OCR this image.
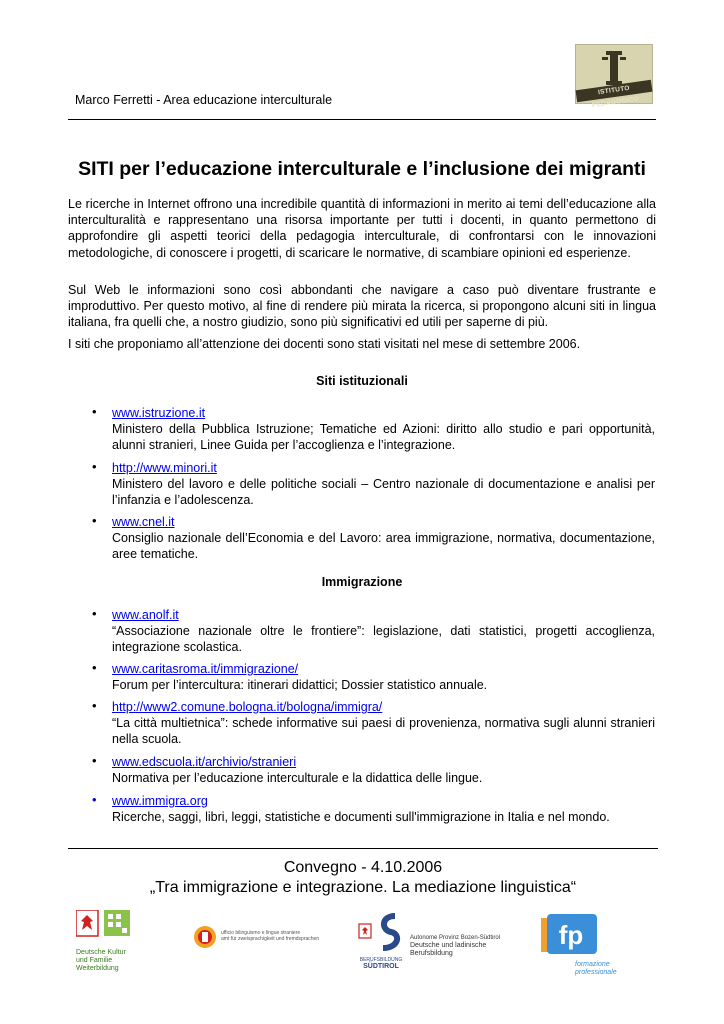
Marco Ferretti - Area educazione interculturale
ISTITUTO PEDAGOGICO
SITI per l’educazione interculturale e l’inclusione dei migranti
Le ricerche in Internet offrono una incredibile quantità di informazioni in merito ai temi dell’educazione alla interculturalità e rappresentano una risorsa importante per tutti i docenti, in quanto permettono di approfondire gli aspetti teorici della pedagogia interculturale, di confrontarsi con le innovazioni metodologiche, di conoscere i progetti, di scaricare le normative, di scambiare opinioni ed esperienze.
Sul Web le informazioni sono così abbondanti che navigare a caso può diventare frustrante e improduttivo. Per questo motivo, al fine di rendere più mirata la ricerca, si propongono alcuni siti in lingua italiana, fra quelli che, a nostro giudizio, sono più significativi ed utili per saperne di più.
I siti che proponiamo all’attenzione dei docenti sono stati visitati nel mese di settembre 2006.
Siti istituzionali
• www.istruzione.it
Ministero della Pubblica Istruzione; Tematiche ed Azioni: diritto allo studio e pari opportunità, alunni stranieri, Linee Guida per l’accoglienza e l’integrazione.
• http://www.minori.it
Ministero del lavoro e delle politiche sociali – Centro nazionale di documentazione e analisi per l’infanzia e l’adolescenza.
• www.cnel.it
Consiglio nazionale dell’Economia e del Lavoro: area immigrazione, normativa, documentazione, aree tematiche.
Immigrazione
• www.anolf.it
“Associazione nazionale oltre le frontiere”: legislazione, dati statistici, progetti accoglienza, integrazione scolastica.
• www.caritasroma.it/immigrazione/
Forum per l’intercultura: itinerari didattici; Dossier statistico annuale.
• http://www2.comune.bologna.it/bologna/immigra/
“La città multietnica”: schede informative sui paesi di provenienza, normativa sugli alunni stranieri nella scuola.
• www.edscuola.it/archivio/stranieri
Normativa per l’educazione interculturale e la didattica delle lingue.
• www.immigra.org
Ricerche, saggi, libri, leggi, statistiche e documenti sull'immigrazione in Italia e nel mondo.
Convegno - 4.10.2006
„Tra immigrazione e integrazione. La mediazione linguistica“
Deutsche Kultur
und Familie
Weiterbildung
ufficio bilinguismo e lingue straniere
amt für zweisprachigkeit und fremdsprachen
BERUFSBILDUNG
SÜDTIROL
Autonome Provinz Bozen-Südtirol
Deutsche und ladinische
Berufsbildung
fp
formazione
professionale
